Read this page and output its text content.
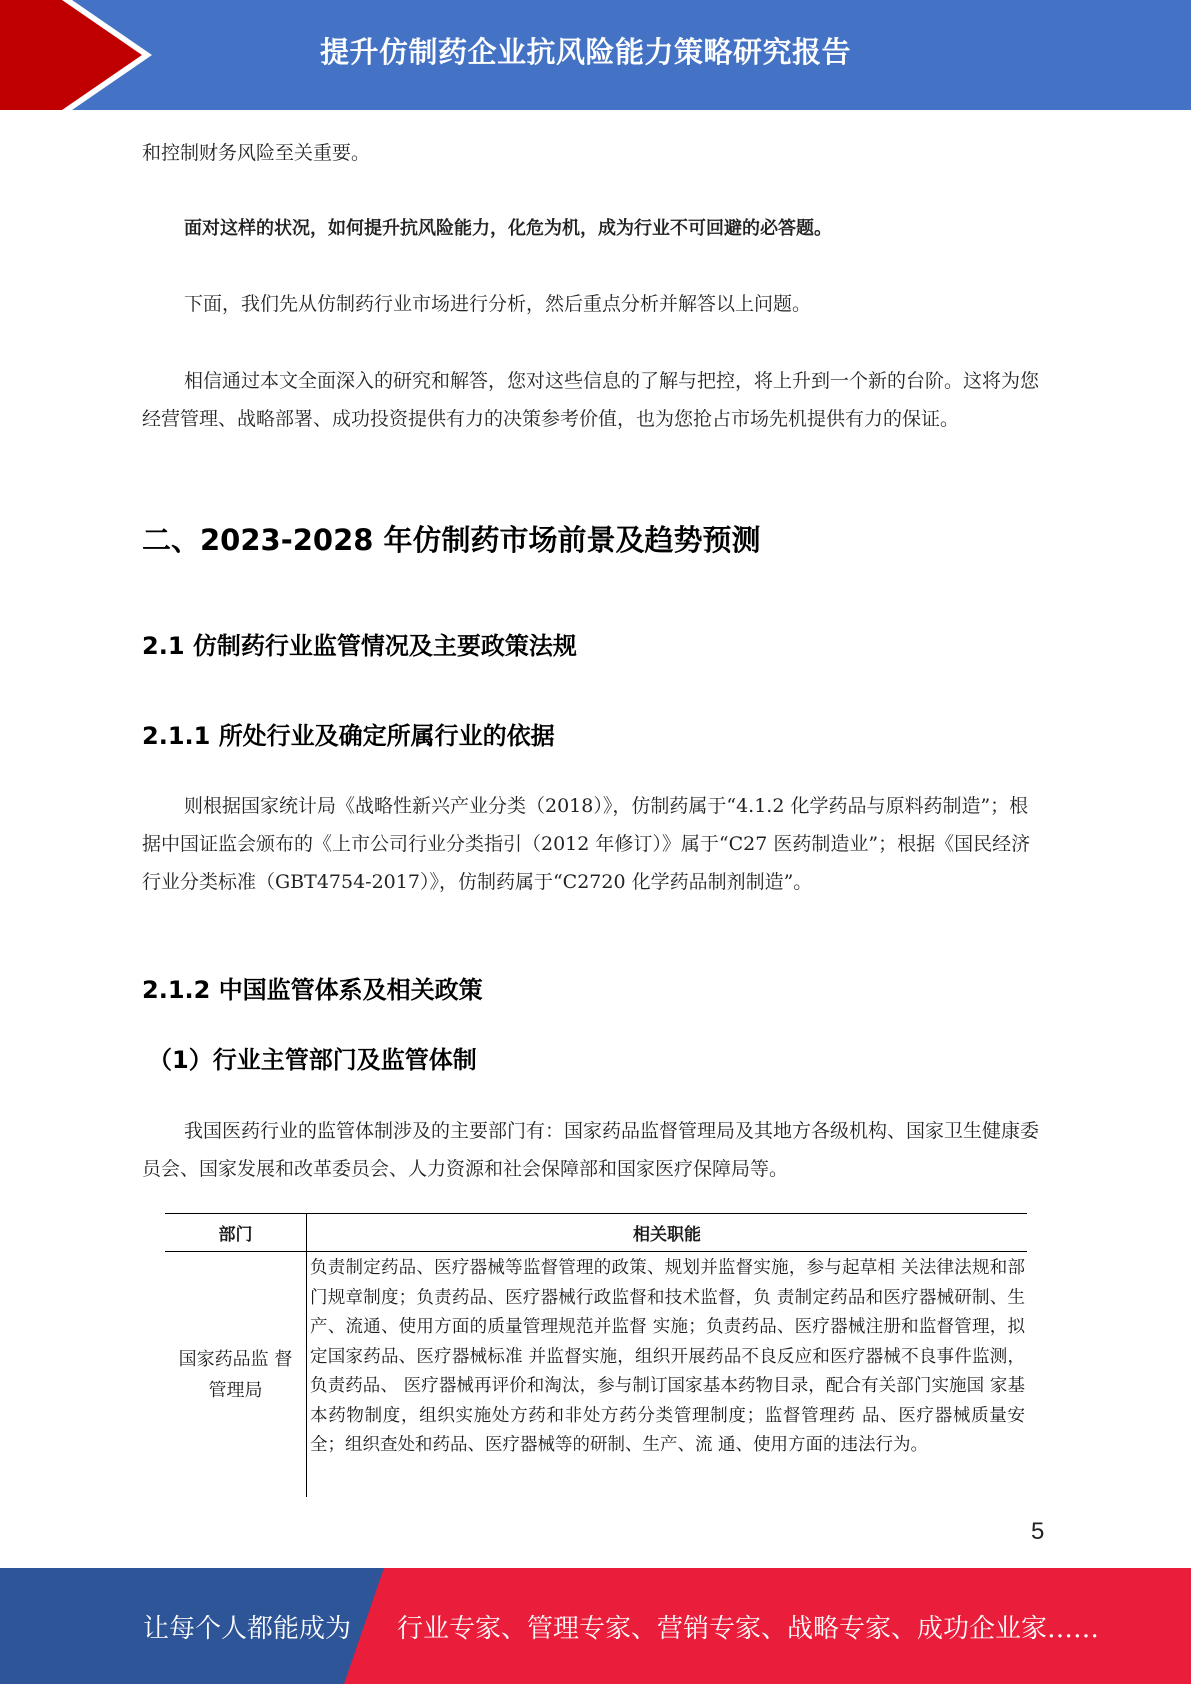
提升仿制药企业抗风险能力策略研究报告
和控制财务风险至关重要。
面对这样的状况，如何提升抗风险能力，化危为机，成为行业不可回避的必答题。
下面，我们先从仿制药行业市场进行分析，然后重点分析并解答以上问题。
相信通过本文全面深入的研究和解答，您对这些信息的了解与把控，将上升到一个新的台阶。这将为您经营管理、战略部署、成功投资提供有力的决策参考价值，也为您抢占市场先机提供有力的保证。
二、2023-2028 年仿制药市场前景及趋势预测
2.1 仿制药行业监管情况及主要政策法规
2.1.1 所处行业及确定所属行业的依据
则根据国家统计局《战略性新兴产业分类（2018）》，仿制药属于“4.1.2 化学药品与原料药制造”；根据中国证监会颁布的《上市公司行业分类指引（2012 年修订）》属于“C27 医药制造业”；根据《国民经济行业分类标准（GBT4754-2017）》，仿制药属于“C2720 化学药品制剂制造”。
2.1.2 中国监管体系及相关政策
（1）行业主管部门及监管体制
我国医药行业的监管体制涉及的主要部门有：国家药品监督管理局及其地方各级机构、国家卫生健康委员会、国家发展和改革委员会、人力资源和社会保障部和国家医疗保障局等。
部门	相关职能
国家药品监 督管理局
负责制定药品、医疗器械等监督管理的政策、规划并监督实施，参与起草相 关法律法规和部门规章制度；负责药品、医疗器械行政监督和技术监督，负 责制定药品和医疗器械研制、生产、流通、使用方面的质量管理规范并监督 实施；负责药品、医疗器械注册和监督管理，拟定国家药品、医疗器械标准 并监督实施，组织开展药品不良反应和医疗器械不良事件监测，负责药品、 医疗器械再评价和淘汰，参与制订国家基本药物目录，配合有关部门实施国 家基本药物制度，组织实施处方药和非处方药分类管理制度；监督管理药 品、医疗器械质量安全；组织查处和药品、医疗器械等的研制、生产、流 通、使用方面的违法行为。
5
让每个人都能成为 行业专家、管理专家、营销专家、战略专家、成功企业家……
